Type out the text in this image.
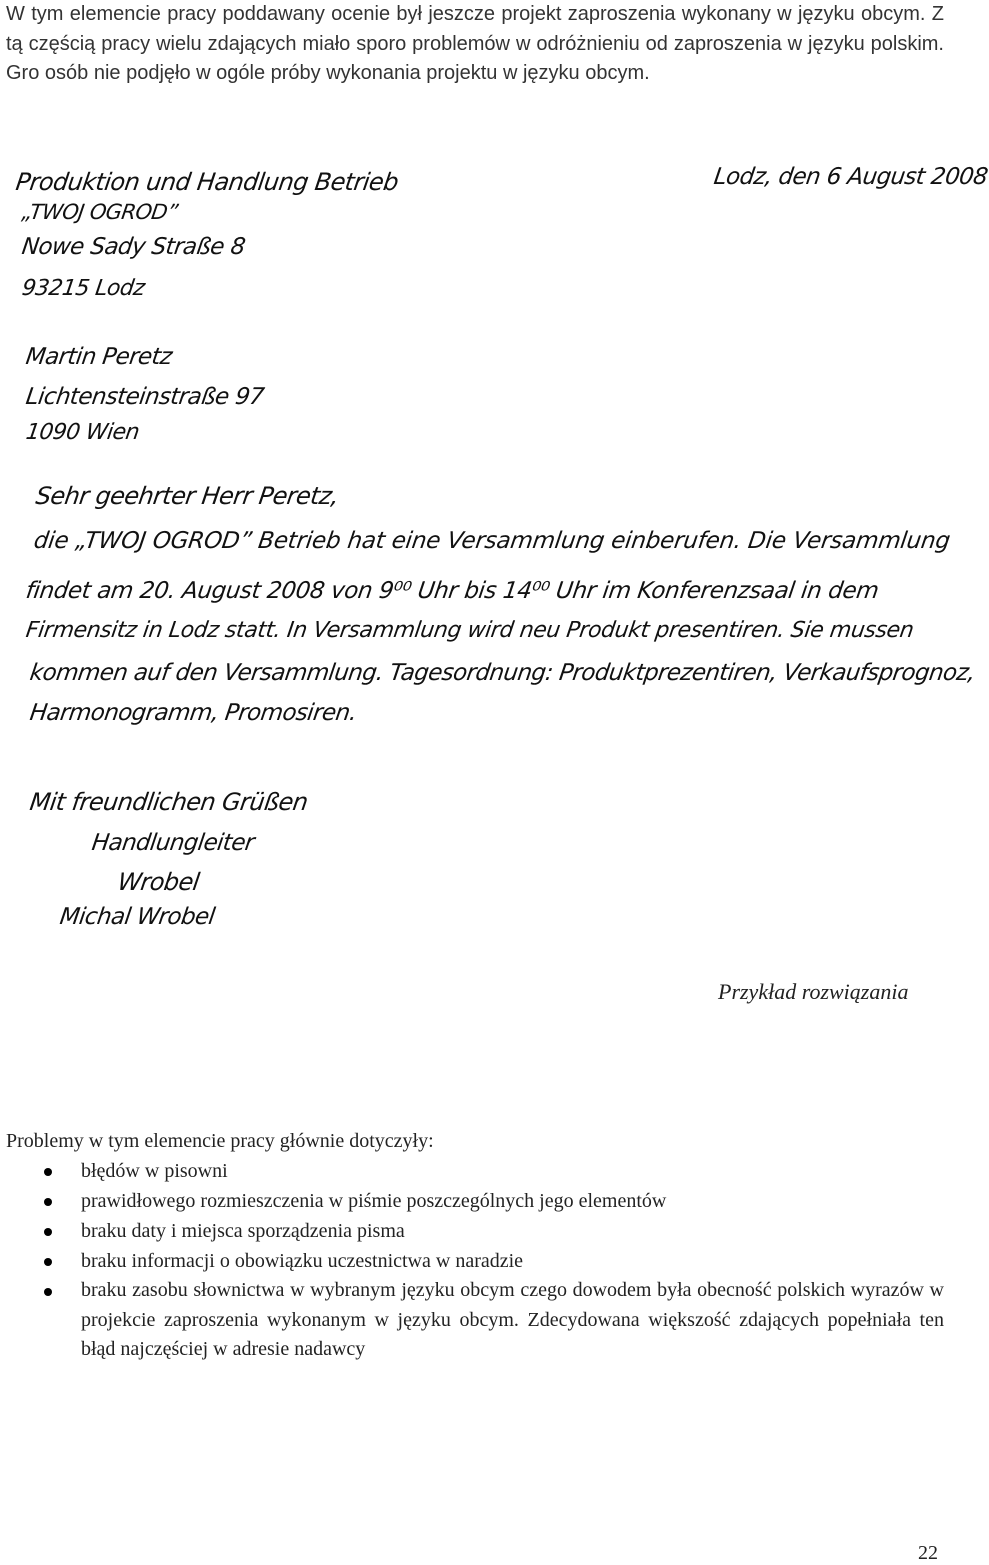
W tym elemencie pracy poddawany ocenie był jeszcze projekt zaproszenia wykonany w języku obcym. Z tą częścią pracy wielu zdających miało sporo problemów w odróżnieniu od zaproszenia w języku polskim. Gro osób nie podjęło w ogóle próby wykonania projektu w języku obcym.

Produktion und Handlung Betrieb
„TWOJ OGROD”
Nowe Sady Straße 8
93215 Lodz
Lodz, den 6 August 2008
Martin Peretz
Lichtensteinstraße 97
1090 Wien
Sehr geehrter Herr Peretz,
die „TWOJ OGROD” Betrieb hat eine Versammlung einberufen. Die Versammlung
findet am 20. August 2008 von 9⁰⁰ Uhr bis 14⁰⁰ Uhr im Konferenzsaal in dem
Firmensitz in Lodz statt. In Versammlung wird neu Produkt presentiren. Sie mussen
kommen auf den Versammlung. Tagesordnung: Produktprezentiren, Verkaufsprognoz,
Harmonogramm, Promosiren.
Mit freundlichen Grüßen
Handlungleiter
Wrobel
Michal Wrobel
Przykład rozwiązania
Problemy w tym elemencie pracy głównie dotyczyły:
błędów w pisowni
prawidłowego rozmieszczenia w piśmie poszczególnych jego elementów
braku daty i miejsca sporządzenia pisma
braku informacji o obowiązku uczestnictwa w naradzie
braku zasobu słownictwa w wybranym języku obcym czego dowodem była obecność polskich wyrazów w projekcie zaproszenia wykonanym w języku obcym. Zdecydowana większość zdających popełniała ten błąd najczęściej w adresie nadawcy
22
